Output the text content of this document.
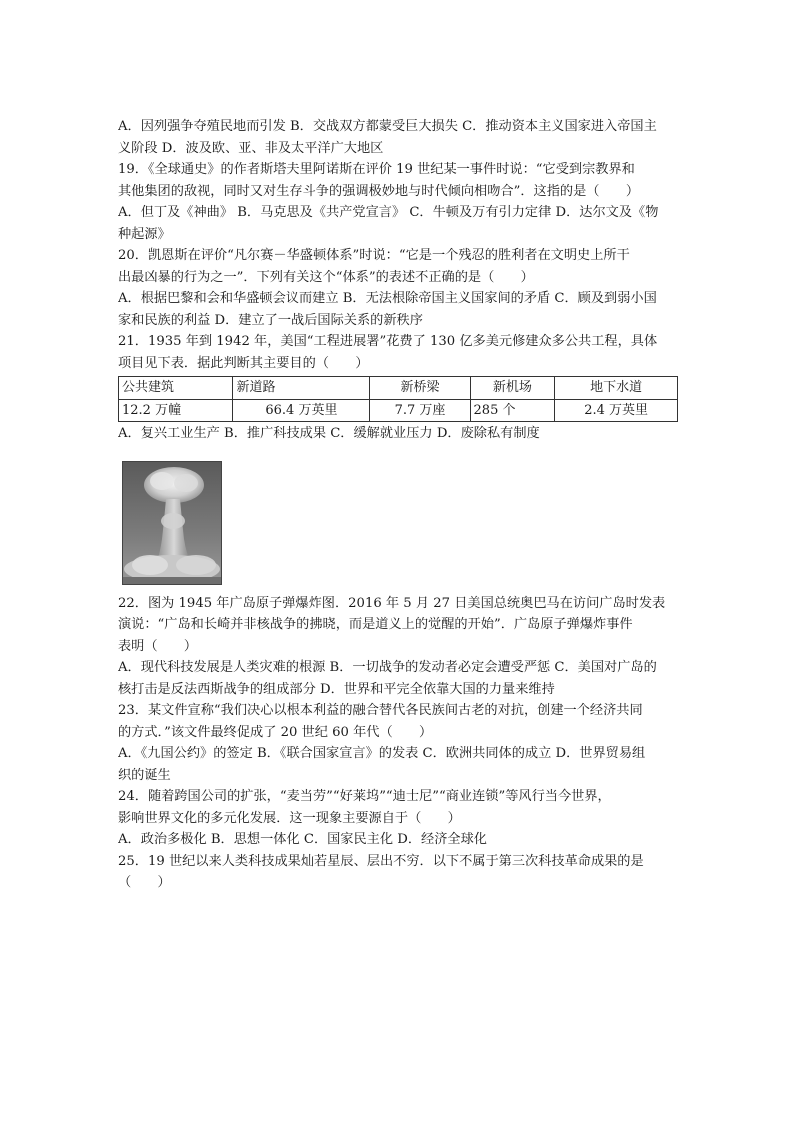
A．因列强争夺殖民地而引发 B．交战双方都蒙受巨大损失 C．推动资本主义国家进入帝国主
义阶段 D．波及欧、亚、非及太平洋广大地区
19．《全球通史》的作者斯塔夫里阿诺斯在评价 19 世纪某一事件时说：“它受到宗教界和
其他集团的敌视，同时又对生存斗争的强调极妙地与时代倾向相吻合”．这指的是（　　）
A．但丁及《神曲》 B．马克思及《共产党宣言》 C．牛顿及万有引力定律 D．达尔文及《物
种起源》
20．凯恩斯在评价“凡尔赛－华盛顿体系”时说：“它是一个残忍的胜利者在文明史上所干
出最凶暴的行为之一”．下列有关这个“体系”的表述不正确的是（　　）
A．根据巴黎和会和华盛顿会议而建立 B．无法根除帝国主义国家间的矛盾 C．顾及到弱小国
家和民族的利益 D．建立了一战后国际关系的新秩序
21．1935 年到 1942 年，美国“工程进展署”花费了 130 亿多美元修建众多公共工程，具体
项目见下表．据此判断其主要目的（　　）
公共建筑	新道路	新桥梁	新机场	地下水道
12.2 万幢	66.4 万英里	7.7 万座	285 个	2.4 万英里
A．复兴工业生产 B．推广科技成果 C．缓解就业压力 D．废除私有制度
22．图为 1945 年广岛原子弹爆炸图．2016 年 5 月 27 日美国总统奥巴马在访问广岛时发表
演说：“广岛和长崎并非核战争的拂晓，而是道义上的觉醒的开始”．广岛原子弹爆炸事件
表明（　　）
A．现代科技发展是人类灾难的根源 B．一切战争的发动者必定会遭受严惩 C．美国对广岛的
核打击是反法西斯战争的组成部分 D．世界和平完全依靠大国的力量来维持
23．某文件宣称“我们决心以根本利益的融合替代各民族间古老的对抗，创建一个经济共同
的方式．”该文件最终促成了 20 世纪 60 年代（　　）
A．《九国公约》的签定 B．《联合国家宣言》的发表 C．欧洲共同体的成立 D．世界贸易组
织的诞生
24．随着跨国公司的扩张，“麦当劳”“好莱坞”“迪士尼”“商业连锁”等风行当今世界，
影响世界文化的多元化发展．这一现象主要源自于（　　）
A．政治多极化 B．思想一体化 C．国家民主化 D．经济全球化
25．19 世纪以来人类科技成果灿若星辰、层出不穷．以下不属于第三次科技革命成果的是
（　　）
